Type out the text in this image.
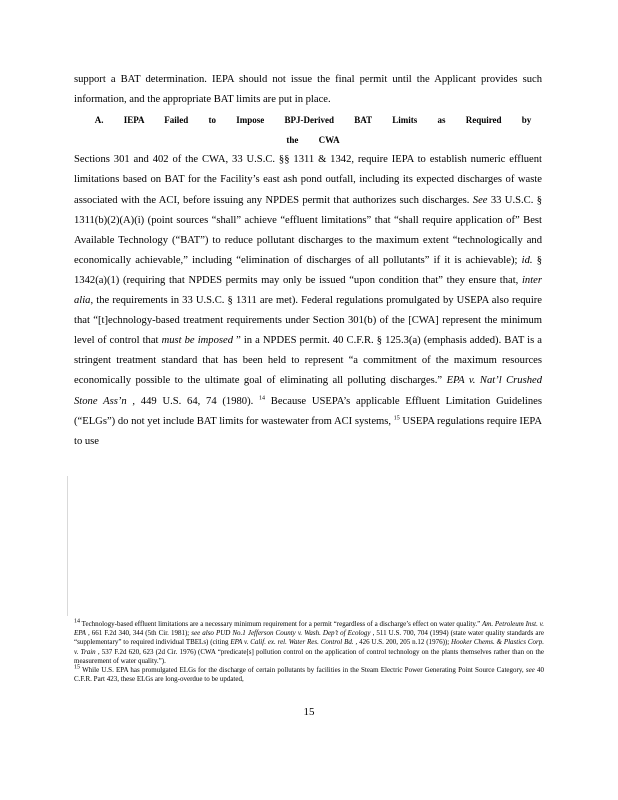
support a BAT determination. IEPA should not issue the final permit until the Applicant provides such information, and the appropriate BAT limits are put in place.

A. IEPA Failed to Impose BPJ-Derived BAT Limits as Required by the CWA

Sections 301 and 402 of the CWA, 33 U.S.C. §§ 1311 & 1342, require IEPA to establish numeric effluent limitations based on BAT for the Facility’s east ash pond outfall, including its expected discharges of waste associated with the ACI, before issuing any NPDES permit that authorizes such discharges. See 33 U.S.C. § 1311(b)(2)(A)(i) (point sources “shall” achieve “effluent limitations” that “shall require application of” Best Available Technology (“BAT”) to reduce pollutant discharges to the maximum extent “technologically and economically achievable,” including “elimination of discharges of all pollutants” if it is achievable); id. § 1342(a)(1) (requiring that NPDES permits may only be issued “upon condition that” they ensure that, inter alia, the requirements in 33 U.S.C. § 1311 are met). Federal regulations promulgated by USEPA also require that “[t]echnology-based treatment requirements under Section 301(b) of the [CWA] represent the minimum level of control that must be imposed ” in a NPDES permit. 40 C.F.R. § 125.3(a) (emphasis added). BAT is a stringent treatment standard that has been held to represent “a commitment of the maximum resources economically possible to the ultimate goal of eliminating all polluting discharges.” EPA v. Nat’l Crushed Stone Ass’n , 449 U.S. 64, 74 (1980). $^{14}$ Because USEPA’s applicable Effluent Limitation Guidelines (“ELGs”) do not yet include BAT limits for wastewater from ACI systems, $^{15}$ USEPA regulations require IEPA to use

$^{14}$ Technology-based effluent limitations are a necessary minimum requirement for a permit “regardless of a discharge’s effect on water quality.” Am. Petroleum Inst. v. EPA , 661 F.2d 340, 344 (5th Cir. 1981); see also PUD No.1 Jefferson County v. Wash. Dep’t of Ecology , 511 U.S. 700, 704 (1994) (state water quality standards are “supplementary” to required individual TBELs) (citing EPA v. Calif. ex. rel. Water Res. Control Bd. , 426 U.S. 200, 205 n.12 (1976)); Hooker Chems. & Plastics Corp. v. Train , 537 F.2d 620, 623 (2d Cir. 1976) (CWA “predicate[s] pollution control on the application of control technology on the plants themselves rather than on the measurement of water quality.”).

$^{15}$ While U.S. EPA has promulgated ELGs for the discharge of certain pollutants by facilities in the Steam Electric Power Generating Point Source Category, see 40 C.F.R. Part 423, these ELGs are long-overdue to be updated,

15
